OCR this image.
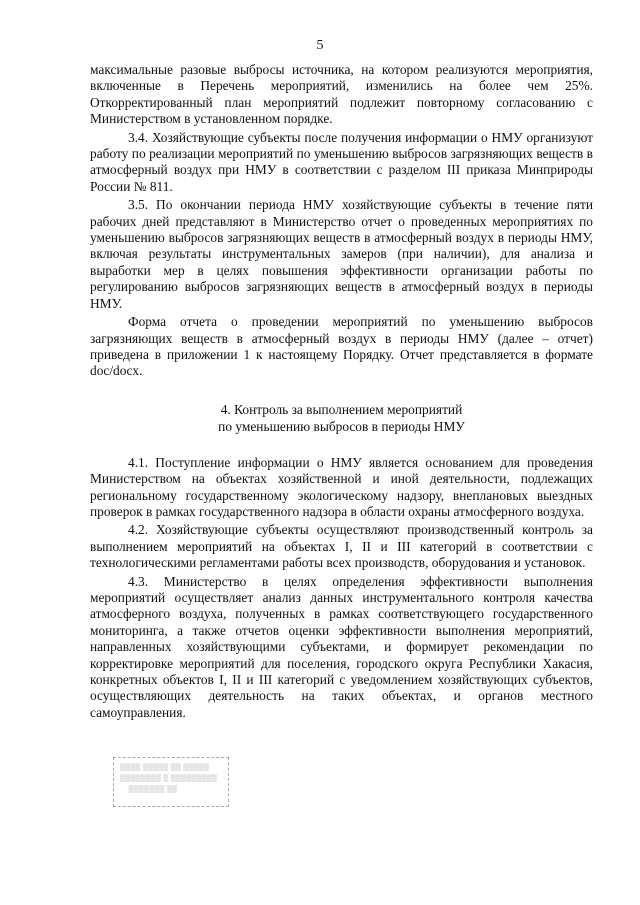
5

максимальные разовые выбросы источника, на котором реализуются мероприятия, включенные в Перечень мероприятий, изменились на более чем 25%. Откорректированный план мероприятий подлежит повторному согласованию с Министерством в установленном порядке.

3.4. Хозяйствующие субъекты после получения информации о НМУ организуют работу по реализации мероприятий по уменьшению выбросов загрязняющих веществ в атмосферный воздух при НМУ в соответствии с разделом III приказа Минприроды России № 811.

3.5. По окончании периода НМУ хозяйствующие субъекты в течение пяти рабочих дней представляют в Министерство отчет о проведенных мероприятиях по уменьшению выбросов загрязняющих веществ в атмосферный воздух в периоды НМУ, включая результаты инструментальных замеров (при наличии), для анализа и выработки мер в целях повышения эффективности организации работы по регулированию выбросов загрязняющих веществ в атмосферный воздух в периоды НМУ.

Форма отчета о проведении мероприятий по уменьшению выбросов загрязняющих веществ в атмосферный воздух в периоды НМУ (далее – отчет) приведена в приложении 1 к настоящему Порядку. Отчет представляется в формате doc/docx.

4. Контроль за выполнением мероприятий
по уменьшению выбросов в периоды НМУ

4.1. Поступление информации о НМУ является основанием для проведения Министерством на объектах хозяйственной и иной деятельности, подлежащих региональному государственному экологическому надзору, внеплановых выездных проверок в рамках государственного надзора в области охраны атмосферного воздуха.

4.2. Хозяйствующие субъекты осуществляют производственный контроль за выполнением мероприятий на объектах I, II и III категорий в соответствии с технологическими регламентами работы всех производств, оборудования и установок.

4.3. Министерство в целях определения эффективности выполнения мероприятий осуществляет анализ данных инструментального контроля качества атмосферного воздуха, полученных в рамках соответствующего государственного мониторинга, а также отчетов оценки эффективности выполнения мероприятий, направленных хозяйствующими субъектами, и формирует рекомендации по корректировке мероприятий для поселения, городского округа Республики Хакасия, конкретных объектов I, II и III категорий с уведомлением хозяйствующих субъектов, осуществляющих деятельность на таких объектах, и органов местного самоуправления.

▒▒▒▒ ▒▒▒▒▒ ▒▒ ▒▒▒▒▒
▒▒▒▒▒▒▒▒ ▒ ▒▒▒▒▒▒▒▒▒
▒▒▒▒▒▒▒ ▒▒
